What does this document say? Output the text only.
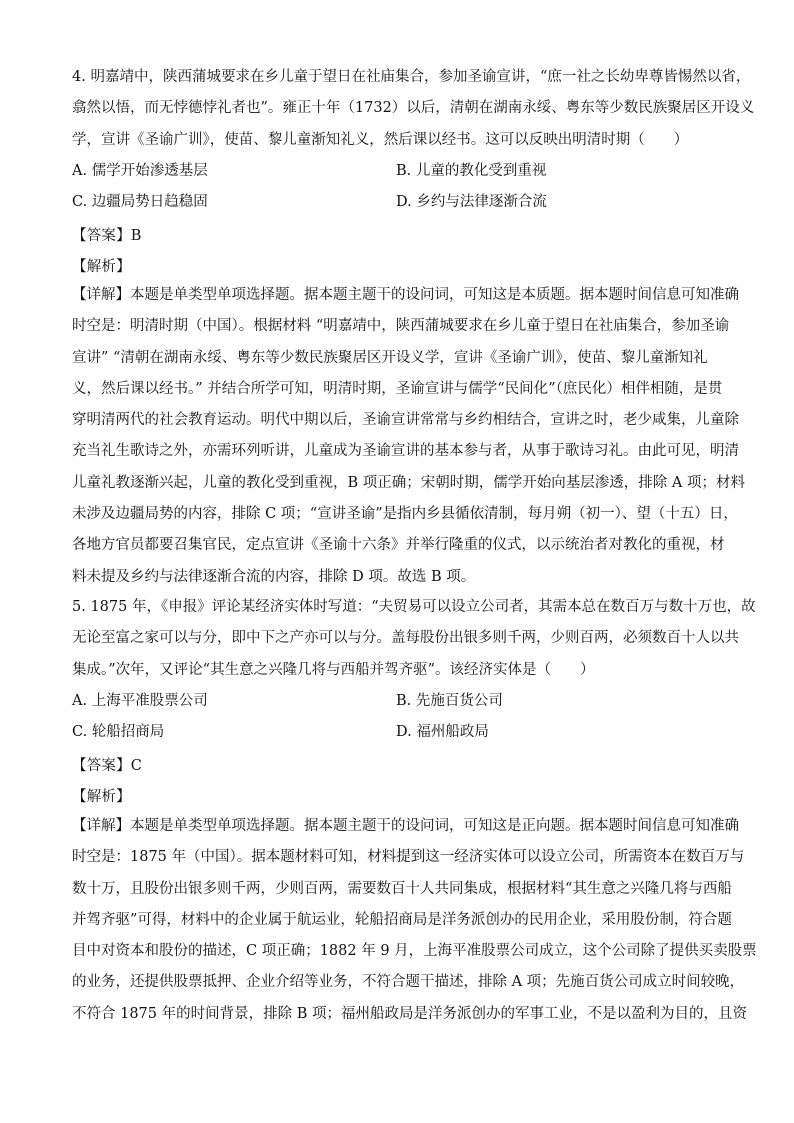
4. 明嘉靖中，陕西蒲城要求在乡儿童于望日在社庙集合，参加圣谕宣讲，“庶一社之长幼卑尊皆惕然以省，

翕然以悟，而无悖德悖礼者也”。雍正十年（1732）以后，清朝在湖南永绥、粤东等少数民族聚居区开设义

学，宣讲《圣谕广训》，使苗、黎儿童渐知礼义，然后课以经书。这可以反映出明清时期（　　）

A. 儒学开始渗透基层	B. 儿童的教化受到重视
C. 边疆局势日趋稳固	D. 乡约与法律逐渐合流
【答案】B
【解析】

【详解】本题是单类型单项选择题。据本题主题干的设问词，可知这是本质题。据本题时间信息可知准确

时空是：明清时期（中国）。根据材料 “明嘉靖中，陕西蒲城要求在乡儿童于望日在社庙集合，参加圣谕

宣讲” “清朝在湖南永绥、粤东等少数民族聚居区开设义学，宣讲《圣谕广训》，使苗、黎儿童渐知礼

义，然后课以经书。” 并结合所学可知，明清时期，圣谕宣讲与儒学“民间化”（庶民化）相伴相随，是贯

穿明清两代的社会教育运动。明代中期以后，圣谕宣讲常常与乡约相结合，宣讲之时，老少咸集，儿童除

充当礼生歌诗之外，亦需环列听讲，儿童成为圣谕宣讲的基本参与者，从事于歌诗习礼。由此可见，明清

儿童礼教逐渐兴起，儿童的教化受到重视，B 项正确；宋朝时期，儒学开始向基层渗透，排除 A 项；材料

未涉及边疆局势的内容，排除 C 项；“宣讲圣谕”是指内乡县循依清制，每月朔（初一）、望（十五）日，

各地方官员都要召集官民，定点宣讲《圣谕十六条》并举行隆重的仪式，以示统治者对教化的重视，材

料未提及乡约与法律逐渐合流的内容，排除 D 项。故选 B 项。

5. 1875 年，《申报》评论某经济实体时写道：“夫贸易可以设立公司者，其需本总在数百万与数十万也，故

无论至富之家可以与分，即中下之产亦可以与分。盖每股份出银多则千两，少则百两，必须数百十人以共

集成。”次年，又评论“其生意之兴隆几将与西船并驾齐驱”。该经济实体是（　　）

A. 上海平准股票公司	B. 先施百货公司
C. 轮船招商局	D. 福州船政局
【答案】C
【解析】

【详解】本题是单类型单项选择题。据本题主题干的设问词，可知这是正向题。据本题时间信息可知准确

时空是：1875 年（中国）。据本题材料可知，材料提到这一经济实体可以设立公司，所需资本在数百万与

数十万，且股份出银多则千两，少则百两，需要数百十人共同集成，根据材料“其生意之兴隆几将与西船

并驾齐驱”可得，材料中的企业属于航运业，轮船招商局是洋务派创办的民用企业，采用股份制，符合题

目中对资本和股份的描述，C 项正确；1882 年 9 月，上海平准股票公司成立，这个公司除了提供买卖股票

的业务，还提供股票抵押、企业介绍等业务，不符合题干描述，排除 A 项；先施百货公司成立时间较晚，

不符合 1875 年的时间背景，排除 B 项；福州船政局是洋务派创办的军事工业，不是以盈利为目的，且资
